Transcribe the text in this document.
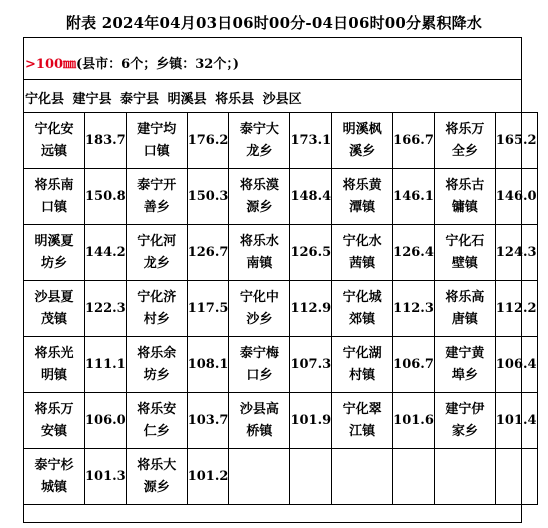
附表 2024年04月03日06时00分-04日06时00分累积降水
>100㎜(县市：6个；乡镇：32个；)
宁化县 建宁县 泰宁县 明溪县 将乐县 沙县区
宁化安远镇	183.7	建宁均口镇	176.2	泰宁大龙乡	173.1	明溪枫溪乡	166.7	将乐万全乡	165.2
将乐南口镇	150.8	泰宁开善乡	150.3	将乐漠源乡	148.4	将乐黄潭镇	146.1	将乐古镛镇	146.0
明溪夏坊乡	144.2	宁化河龙乡	126.7	将乐水南镇	126.5	宁化水茜镇	126.4	宁化石壁镇	124.3
沙县夏茂镇	122.3	宁化济村乡	117.5	宁化中沙乡	112.9	宁化城郊镇	112.3	将乐高唐镇	112.2
将乐光明镇	111.1	将乐余坊乡	108.1	泰宁梅口乡	107.3	宁化湖村镇	106.7	建宁黄埠乡	106.4
将乐万安镇	106.0	将乐安仁乡	103.7	沙县高桥镇	101.9	宁化翠江镇	101.6	建宁伊家乡	101.4
泰宁杉城镇	101.3	将乐大源乡	101.2						
